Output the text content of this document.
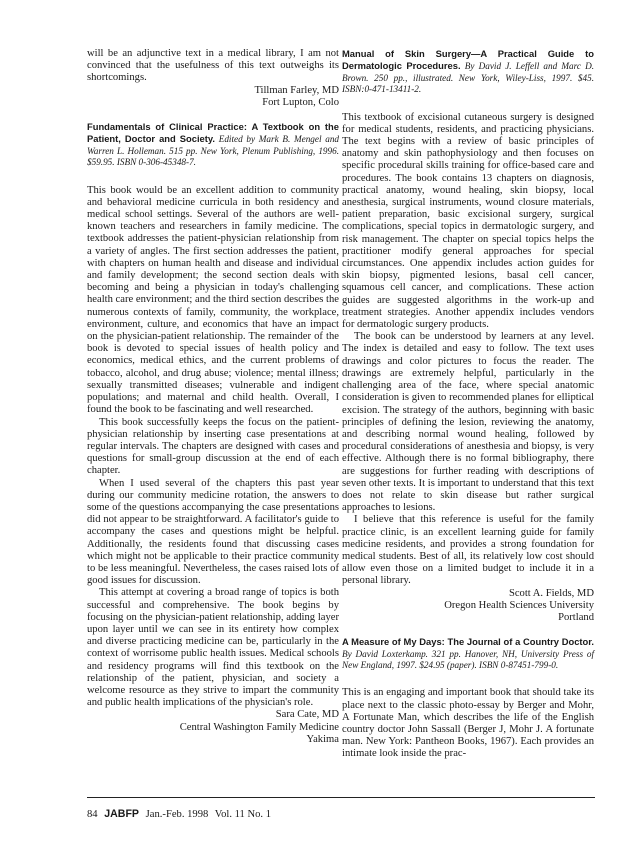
will be an adjunctive text in a medical library, I am not convinced that the usefulness of this text outweighs its shortcomings.

Tillman Farley, MD
Fort Lupton, Colo

Fundamentals of Clinical Practice: A Textbook on the Patient, Doctor and Society. Edited by Mark B. Mengel and Warren L. Holleman. 515 pp. New York, Plenum Publishing, 1996. $59.95. ISBN 0-306-45348-7.

This book would be an excellent addition to community and behavioral medicine curricula in both residency and medical school settings. Several of the authors are well-known teachers and researchers in family medicine. The textbook addresses the patient-physician relationship from a variety of angles. The first section addresses the patient, with chapters on human health and disease and individual and family development; the second section deals with becoming and being a physician in today's challenging health care environment; and the third section describes the numerous contexts of family, community, the workplace, environment, culture, and economics that have an impact on the physician-patient relationship. The remainder of the book is devoted to special issues of health policy and economics, medical ethics, and the current problems of tobacco, alcohol, and drug abuse; violence; mental illness; sexually transmitted diseases; vulnerable and indigent populations; and maternal and child health. Overall, I found the book to be fascinating and well researched.

This book successfully keeps the focus on the patient-physician relationship by inserting case presentations at regular intervals. The chapters are designed with cases and questions for small-group discussion at the end of each chapter.

When I used several of the chapters this past year during our community medicine rotation, the answers to some of the questions accompanying the case presentations did not appear to be straightforward. A facilitator's guide to accompany the cases and questions might be helpful. Additionally, the residents found that discussing cases which might not be applicable to their practice community to be less meaningful. Nevertheless, the cases raised lots of good issues for discussion.

This attempt at covering a broad range of topics is both successful and comprehensive. The book begins by focusing on the physician-patient relationship, adding layer upon layer until we can see in its entirety how complex and diverse practicing medicine can be, particularly in the context of worrisome public health issues. Medical schools and residency programs will find this textbook on the relationship of the patient, physician, and society a welcome resource as they strive to impart the community and public health implications of the physician's role.

Sara Cate, MD
Central Washington Family Medicine
Yakima

Manual of Skin Surgery—A Practical Guide to Dermatologic Procedures. By David J. Leffell and Marc D. Brown. 250 pp., illustrated. New York, Wiley-Liss, 1997. $45. ISBN:0-471-13411-2.

This textbook of excisional cutaneous surgery is designed for medical students, residents, and practicing physicians. The text begins with a review of basic principles of anatomy and skin pathophysiology and then focuses on specific procedural skills training for office-based care and procedures. The book contains 13 chapters on diagnosis, practical anatomy, wound healing, skin biopsy, local anesthesia, surgical instruments, wound closure materials, patient preparation, basic excisional surgery, surgical complications, special topics in dermatologic surgery, and risk management. The chapter on special topics helps the practitioner modify general approaches for special circumstances. One appendix includes action guides for skin biopsy, pigmented lesions, basal cell cancer, squamous cell cancer, and complications. These action guides are suggested algorithms in the work-up and treatment strategies. Another appendix includes vendors for dermatologic surgery products.

The book can be understood by learners at any level. The index is detailed and easy to follow. The text uses drawings and color pictures to focus the reader. The drawings are extremely helpful, particularly in the challenging area of the face, where special anatomic consideration is given to recommended planes for elliptical excision. The strategy of the authors, beginning with basic principles of defining the lesion, reviewing the anatomy, and describing normal wound healing, followed by procedural considerations of anesthesia and biopsy, is very effective. Although there is no formal bibliography, there are suggestions for further reading with descriptions of seven other texts. It is important to understand that this text does not relate to skin disease but rather surgical approaches to lesions.

I believe that this reference is useful for the family practice clinic, is an excellent learning guide for family medicine residents, and provides a strong foundation for medical students. Best of all, its relatively low cost should allow even those on a limited budget to include it in a personal library.

Scott A. Fields, MD
Oregon Health Sciences University
Portland

A Measure of My Days: The Journal of a Country Doctor. By David Loxterkamp. 321 pp. Hanover, NH, University Press of New England, 1997. $24.95 (paper). ISBN 0-87451-799-0.

This is an engaging and important book that should take its place next to the classic photo-essay by Berger and Mohr, A Fortunate Man, which describes the life of the English country doctor John Sassall (Berger J, Mohr J. A fortunate man. New York: Pantheon Books, 1967). Each provides an intimate look inside the prac-

84 JABFP Jan.-Feb. 1998 Vol. 11 No. 1
